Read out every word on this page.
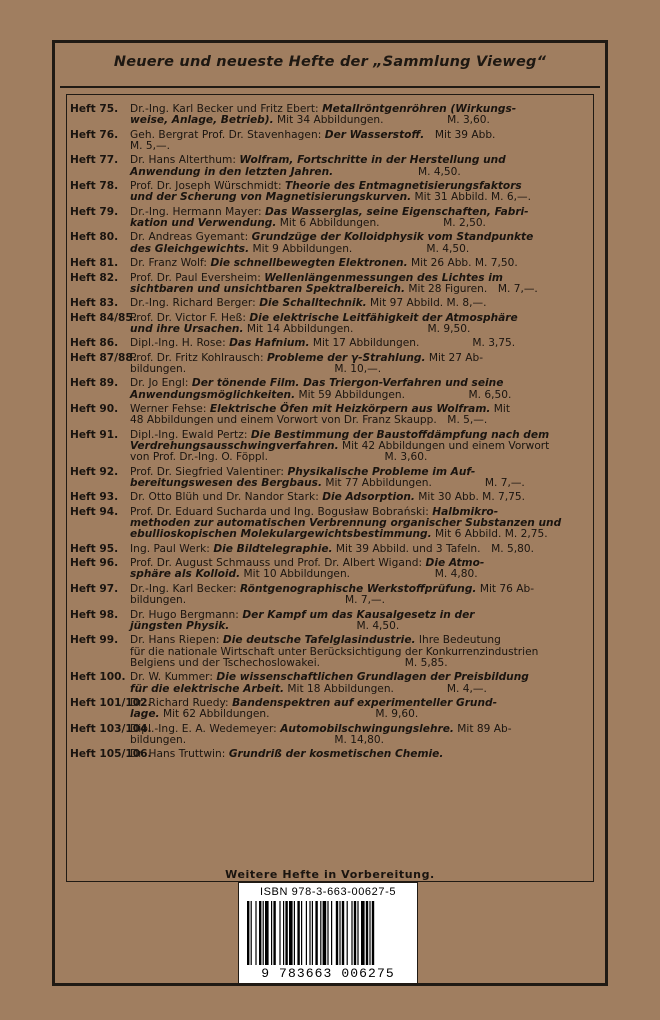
Neuere und neueste Hefte der „Sammlung Vieweg“
Heft 75.	Dr.-Ing. Karl Becker und Fritz Ebert: Metallröntgenröhren (Wirkungs-
weise, Anlage, Betrieb). Mit 34 Abbildungen.      M. 3,60.
Heft 76.	Geh. Bergrat Prof. Dr. Stavenhagen: Der Wasserstoff. Mit 39 Abb.
M. 5,—.
Heft 77.	Dr. Hans Alterthum: Wolfram, Fortschritte in der Herstellung und
Anwendung in den letzten Jahren.        M. 4,50.
Heft 78.	Prof. Dr. Joseph Würschmidt: Theorie des Entmagnetisierungsfaktors
und der Scherung von Magnetisierungskurven. Mit 31 Abbild. M. 6,—.
Heft 79.	Dr.-Ing. Hermann Mayer: Das Wasserglas, seine Eigenschaften, Fabri-
kation und Verwendung. Mit 6 Abbildungen.      M. 2,50.
Heft 80.	Dr. Andreas Gyemant: Grundzüge der Kolloidphysik vom Standpunkte
des Gleichgewichts. Mit 9 Abbildungen.       M. 4,50.
Heft 81.	Dr. Franz Wolf: Die schnellbewegten Elektronen. Mit 26 Abb. M. 7,50.
Heft 82.	Prof. Dr. Paul Eversheim: Wellenlängenmessungen des Lichtes im
sichtbaren und unsichtbaren Spektralbereich. Mit 28 Figuren. M. 7,—.
Heft 83.	Dr.-Ing. Richard Berger: Die Schalltechnik. Mit 97 Abbild. M. 8,—.
Heft 84/85.
Prof. Dr. Victor F. Heß: Die elektrische Leitfähigkeit der Atmosphäre
und ihre Ursachen. Mit 14 Abbildungen.       M. 9,50.
Heft 86.	Dipl.-Ing. H. Rose: Das Hafnium. Mit 17 Abbildungen.     M. 3,75.
Heft 87/88.
Prof. Dr. Fritz Kohlrausch: Probleme der γ-Strahlung. Mit 27 Ab-
bildungen.              M. 10,—.
Heft 89.	Dr. Jo Engl: Der tönende Film. Das Triergon-Verfahren und seine
Anwendungsmöglichkeiten. Mit 59 Abbildungen.      M. 6,50.
Heft 90.	Werner Fehse: Elektrische Öfen mit Heizkörpern aus Wolfram. Mit
48 Abbildungen und einem Vorwort von Dr. Franz Skaupp. M. 5,—.
Heft 91.	Dipl.-Ing. Ewald Pertz: Die Bestimmung der Baustoffdämpfung nach dem
Verdrehungsausschwingverfahren. Mit 42 Abbildungen und einem Vorwort
von Prof. Dr.-Ing. O. Föppl.           M. 3,60.
Heft 92.	Prof. Dr. Siegfried Valentiner: Physikalische Probleme im Auf-
bereitungswesen des Bergbaus. Mit 77 Abbildungen.     M. 7,—.
Heft 93.	Dr. Otto Blüh und Dr. Nandor Stark: Die Adsorption. Mit 30 Abb. M. 7,75.
Heft 94.	Prof. Dr. Eduard Sucharda und Ing. Bogusław Bobrański: Halbmikro-
methoden zur automatischen Verbrennung organischer Substanzen und
ebullioskopischen Molekulargewichtsbestimmung. Mit 6 Abbild. M. 2,75.
Heft 95.	Ing. Paul Werk: Die Bildtelegraphie. Mit 39 Abbild. und 3 Tafeln. M. 5,80.
Heft 96.	Prof. Dr. August Schmauss und Prof. Dr. Albert Wigand: Die Atmo-
sphäre als Kolloid. Mit 10 Abbildungen.        M. 4,80.
Heft 97.	Dr.-Ing. Karl Becker: Röntgenographische Werkstoffprüfung. Mit 76 Ab-
bildungen.               M. 7,—.
Heft 98.	Dr. Hugo Bergmann: Der Kampf um das Kausalgesetz in der
jüngsten Physik.            M. 4,50.
Heft 99.	Dr. Hans Riepen: Die deutsche Tafelglasindustrie. Ihre Bedeutung
für die nationale Wirtschaft unter Berücksichtigung der Konkurrenzindustrien
Belgiens und der Tschechoslowakei.        M. 5,85.
Heft 100. Dr. W. Kummer: Die wissenschaftlichen Grundlagen der Preisbildung
für die elektrische Arbeit. Mit 18 Abbildungen.     M. 4,—.
Heft 101/102.
Dr. Richard Ruedy: Bandenspektren auf experimenteller Grund-
lage. Mit 62 Abbildungen.          M. 9,60.
Heft 103/104.
Dipl.-Ing. E. A. Wedemeyer: Automobilschwingungslehre. Mit 89 Ab-
bildungen.              M. 14,80.
Heft 105/106.
Dr. Hans Truttwin: Grundriß der kosmetischen Chemie.
Weitere Hefte in Vorbereitung.
ISBN 978-3-663-00627-5
9 783663 006275
